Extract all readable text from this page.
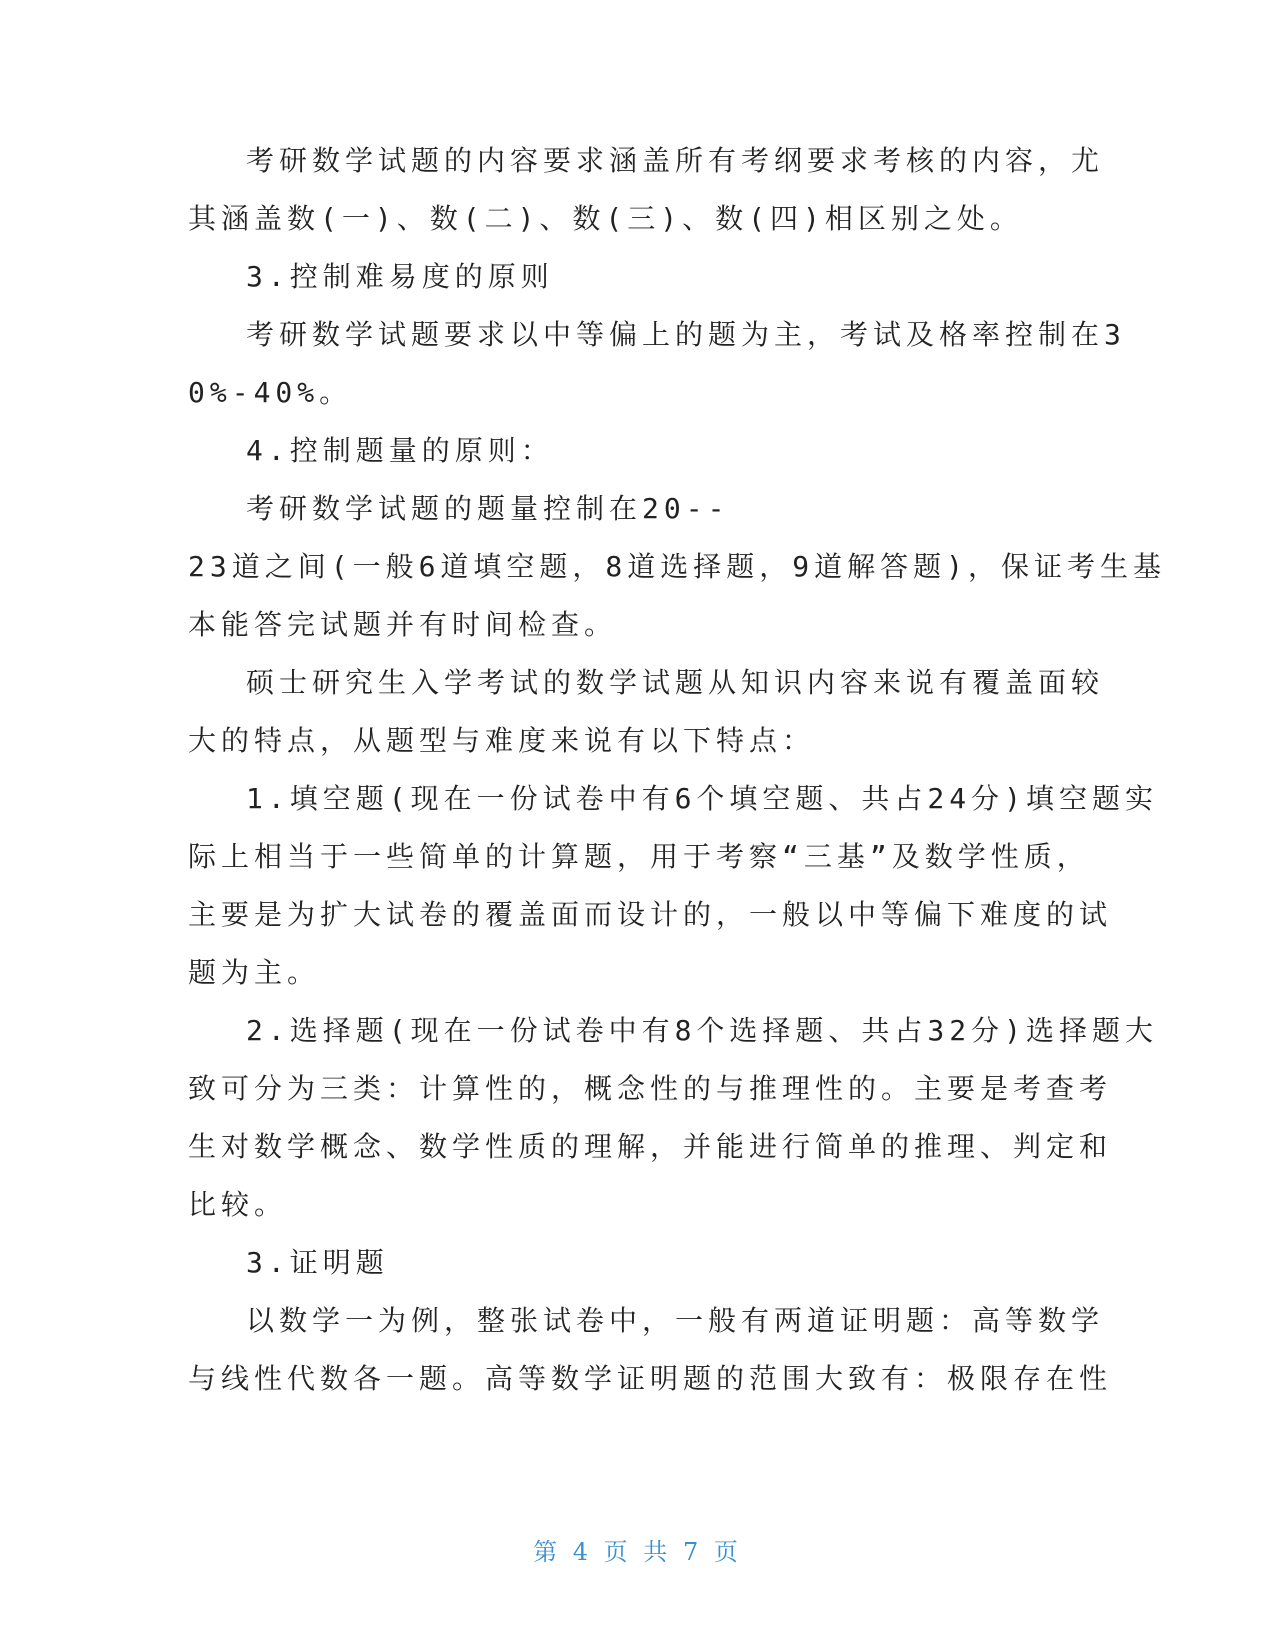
考研数学试题的内容要求涵盖所有考纲要求考核的内容，尤
其涵盖数(一)、数(二)、数(三)、数(四)相区别之处。
3.控制难易度的原则
考研数学试题要求以中等偏上的题为主，考试及格率控制在3
0%-40%。
4.控制题量的原则：
考研数学试题的题量控制在20--
23道之间(一般6道填空题，8道选择题，9道解答题)，保证考生基
本能答完试题并有时间检查。
硕士研究生入学考试的数学试题从知识内容来说有覆盖面较
大的特点，从题型与难度来说有以下特点：
1.填空题(现在一份试卷中有6个填空题、共占24分)填空题实
际上相当于一些简单的计算题，用于考察“三基”及数学性质，
主要是为扩大试卷的覆盖面而设计的，一般以中等偏下难度的试
题为主。
2.选择题(现在一份试卷中有8个选择题、共占32分)选择题大
致可分为三类：计算性的，概念性的与推理性的。主要是考查考
生对数学概念、数学性质的理解，并能进行简单的推理、判定和
比较。
3.证明题
以数学一为例，整张试卷中，一般有两道证明题：高等数学
与线性代数各一题。高等数学证明题的范围大致有：极限存在性
第 4 页 共 7 页
